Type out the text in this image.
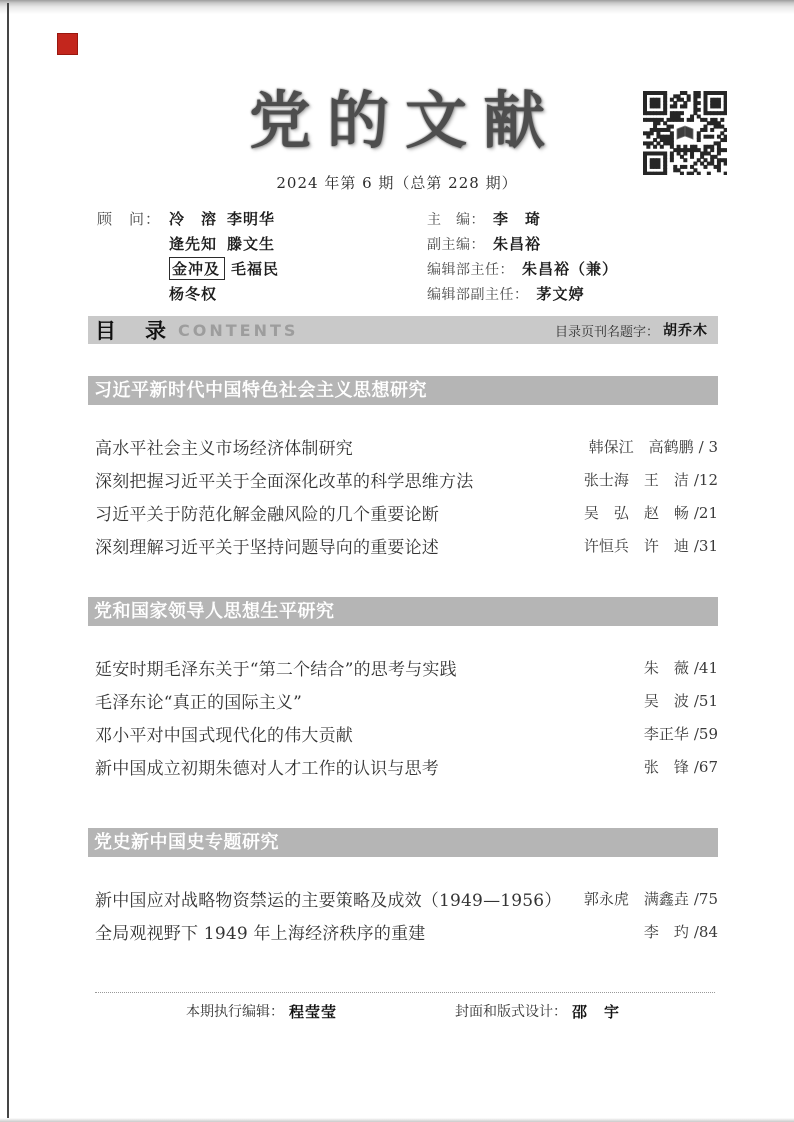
党的文献
2024 年第 6 期（总第 228 期）
顾　问： 冷　溶 李明华
逄先知 滕文生
金冲及 毛福民
杨冬权
主　编： 李　琦
副主编： 朱昌裕
编辑部主任： 朱昌裕（兼）
编辑部副主任： 茅文婷
目　录 CONTENTS	目录页刊名题字： 胡乔木
习近平新时代中国特色社会主义思想研究
高水平社会主义市场经济体制研究	韩保江　高鹤鹏 / 3
深刻把握习近平关于全面深化改革的科学思维方法	张士海　王　洁 /12
习近平关于防范化解金融风险的几个重要论断	吴　弘　赵　畅 /21
深刻理解习近平关于坚持问题导向的重要论述	许恒兵　许　迪 /31
党和国家领导人思想生平研究
延安时期毛泽东关于“第二个结合”的思考与实践	朱　薇 /41
毛泽东论“真正的国际主义”	吴　波 /51
邓小平对中国式现代化的伟大贡献	李正华 /59
新中国成立初期朱德对人才工作的认识与思考	张　锋 /67
党史新中国史专题研究
新中国应对战略物资禁运的主要策略及成效（1949—1956） 郭永虎　满鑫垚 /75
全局观视野下 1949 年上海经济秩序的重建	李　玓 /84
本期执行编辑： 程莹莹	封面和版式设计： 邵　宇
